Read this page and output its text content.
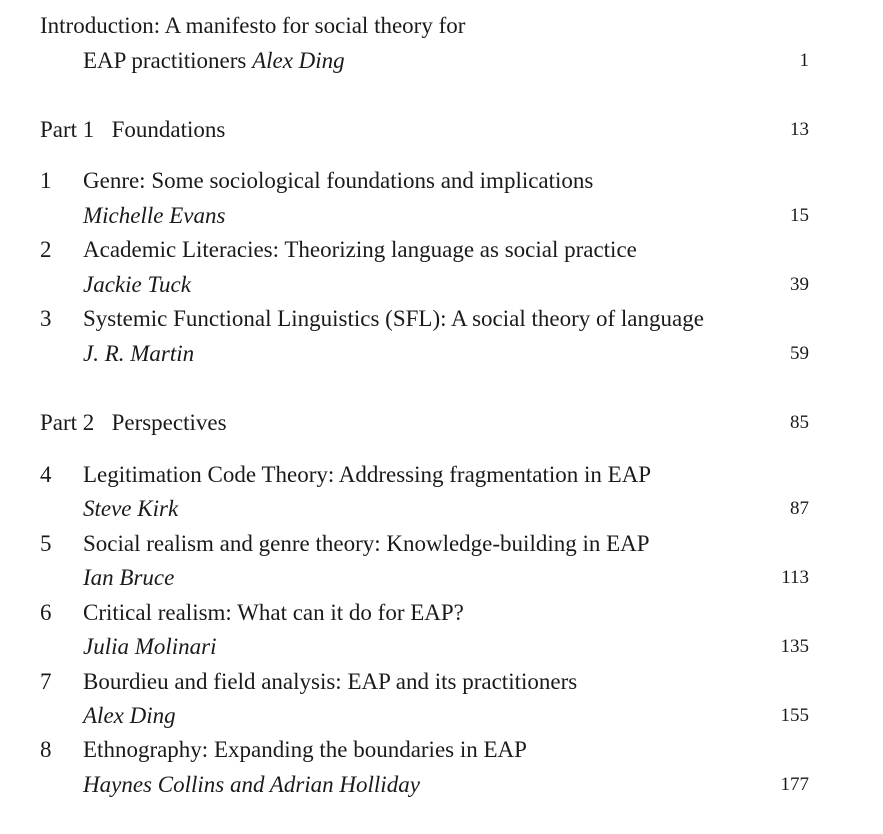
Introduction: A manifesto for social theory for
EAP practitioners Alex Ding	1
Part 1 Foundations	13
1 Genre: Some sociological foundations and implications
Michelle Evans	15
2 Academic Literacies: Theorizing language as social practice
Jackie Tuck	39
3 Systemic Functional Linguistics (SFL): A social theory of language
J. R. Martin	59
Part 2 Perspectives	85
4 Legitimation Code Theory: Addressing fragmentation in EAP
Steve Kirk	87
5 Social realism and genre theory: Knowledge-building in EAP
Ian Bruce	113
6 Critical realism: What can it do for EAP?
Julia Molinari	135
7 Bourdieu and field analysis: EAP and its practitioners
Alex Ding	155
8 Ethnography: Expanding the boundaries in EAP
Haynes Collins and Adrian Holliday	177
